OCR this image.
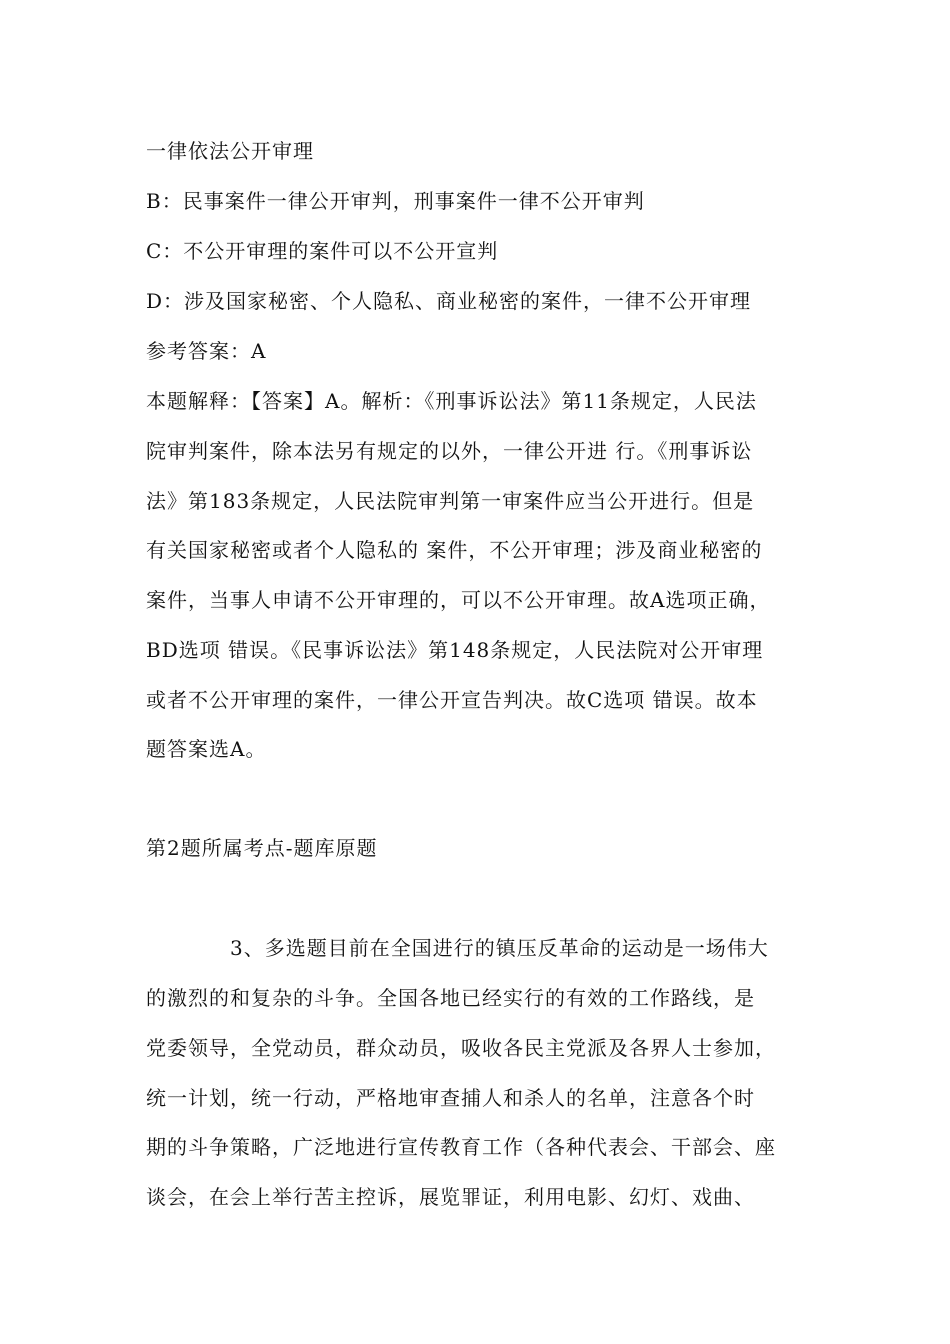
一律依法公开审理
B：民事案件一律公开审判，刑事案件一律不公开审判
C：不公开审理的案件可以不公开宣判
D：涉及国家秘密、个人隐私、商业秘密的案件，一律不公开审理
参考答案：A
本题解释：【答案】A。解析：《刑事诉讼法》第11条规定，人民法
院审判案件，除本法另有规定的以外，一律公开进 行。《刑事诉讼
法》第183条规定，人民法院审判第一审案件应当公开进行。但是
有关国家秘密或者个人隐私的 案件，不公开审理；涉及商业秘密的
案件，当事人申请不公开审理的，可以不公开审理。故A选项正确，
BD选项 错误。《民事诉讼法》第148条规定，人民法院对公开审理
或者不公开审理的案件，一律公开宣告判决。故C选项 错误。故本
题答案选A。
第2题所属考点-题库原题
3、多选题目前在全国进行的镇压反革命的运动是一场伟大
的激烈的和复杂的斗争。全国各地已经实行的有效的工作路线，是
党委领导，全党动员，群众动员，吸收各民主党派及各界人士参加，
统一计划，统一行动，严格地审查捕人和杀人的名单，注意各个时
期的斗争策略，广泛地进行宣传教育工作（各种代表会、干部会、座
谈会，在会上举行苦主控诉，展览罪证，利用电影、幻灯、戏曲、
